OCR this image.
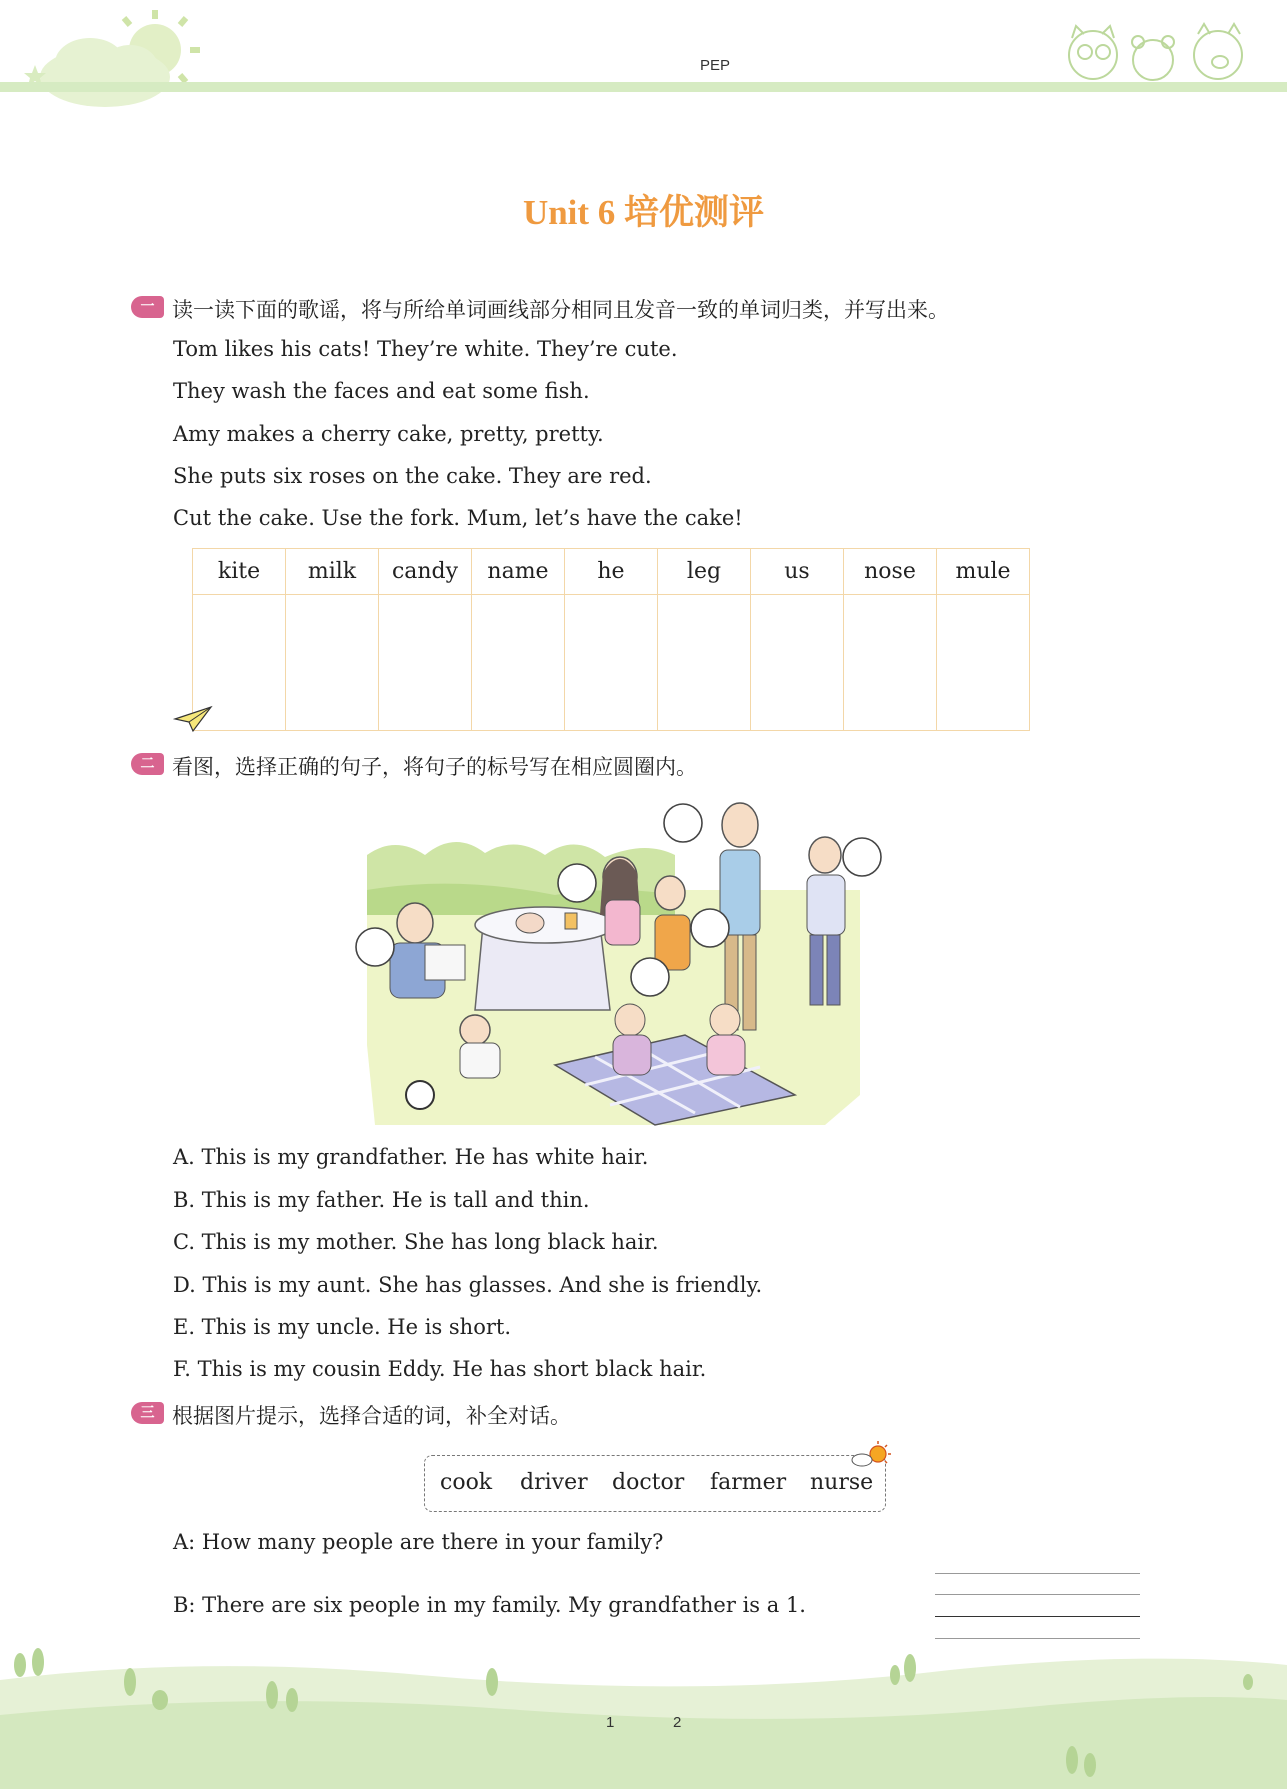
PEP
Unit 6 培优测评
一 读一读下面的歌谣，将与所给单词画线部分相同且发音一致的单词归类，并写出来。
Tom likes his cats! They’re white. They’re cute.
They wash the faces and eat some fish.
Amy makes a cherry cake, pretty, pretty.
She puts six roses on the cake. They are red.
Cut the cake. Use the fork. Mum, let’s have the cake!
kite	milk	candy	name	he	leg	us	nose	mule

二 看图，选择正确的句子，将句子的标号写在相应圆圈内。
A. This is my grandfather. He has white hair.
B. This is my father. He is tall and thin.
C. This is my mother. She has long black hair.
D. This is my aunt. She has glasses. And she is friendly.
E. This is my uncle. He is short.
F. This is my cousin Eddy. He has short black hair.
三 根据图片提示，选择合适的词，补全对话。
cook driver doctor farmer nurse
A: How many people are there in your family?
B: There are six people in my family. My grandfather is a 1.
1	2
